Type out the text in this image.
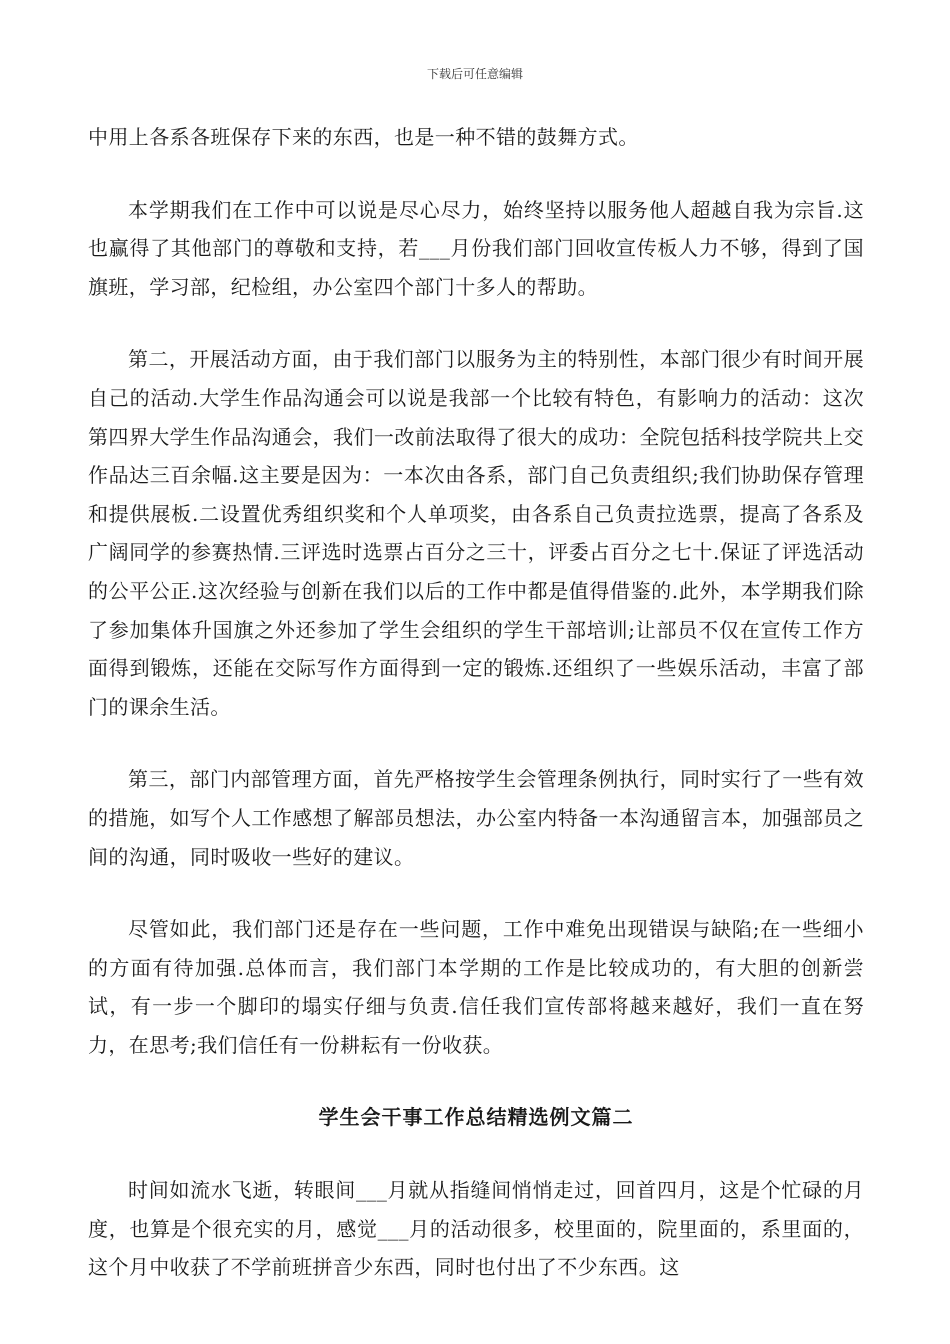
下载后可任意编辑

中用上各系各班保存下来的东西，也是一种不错的鼓舞方式。

本学期我们在工作中可以说是尽心尽力，始终坚持以服务他人超越自我为宗旨.这也赢得了其他部门的尊敬和支持，若___月份我们部门回收宣传板人力不够，得到了国旗班，学习部，纪检组，办公室四个部门十多人的帮助。

第二，开展活动方面，由于我们部门以服务为主的特别性，本部门很少有时间开展自己的活动.大学生作品沟通会可以说是我部一个比较有特色，有影响力的活动：这次第四界大学生作品沟通会，我们一改前法取得了很大的成功：全院包括科技学院共上交作品达三百余幅.这主要是因为：一本次由各系，部门自己负责组织;我们协助保存管理和提供展板.二设置优秀组织奖和个人单项奖，由各系自己负责拉选票，提高了各系及广阔同学的参赛热情.三评选时选票占百分之三十，评委占百分之七十.保证了评选活动的公平公正.这次经验与创新在我们以后的工作中都是值得借鉴的.此外，本学期我们除了参加集体升国旗之外还参加了学生会组织的学生干部培训;让部员不仅在宣传工作方面得到锻炼，还能在交际写作方面得到一定的锻炼.还组织了一些娱乐活动，丰富了部门的课余生活。

第三，部门内部管理方面，首先严格按学生会管理条例执行，同时实行了一些有效的措施，如写个人工作感想了解部员想法，办公室内特备一本沟通留言本，加强部员之间的沟通，同时吸收一些好的建议。

尽管如此，我们部门还是存在一些问题，工作中难免出现错误与缺陷;在一些细小的方面有待加强.总体而言，我们部门本学期的工作是比较成功的，有大胆的创新尝试，有一步一个脚印的塌实仔细与负责.信任我们宣传部将越来越好，我们一直在努力，在思考;我们信任有一份耕耘有一份收获。

学生会干事工作总结精选例文篇二

时间如流水飞逝，转眼间___月就从指缝间悄悄走过，回首四月，这是个忙碌的月度，也算是个很充实的月，感觉___月的活动很多，校里面的，院里面的，系里面的，这个月中收获了不学前班拼音少东西，同时也付出了不少东西。这
